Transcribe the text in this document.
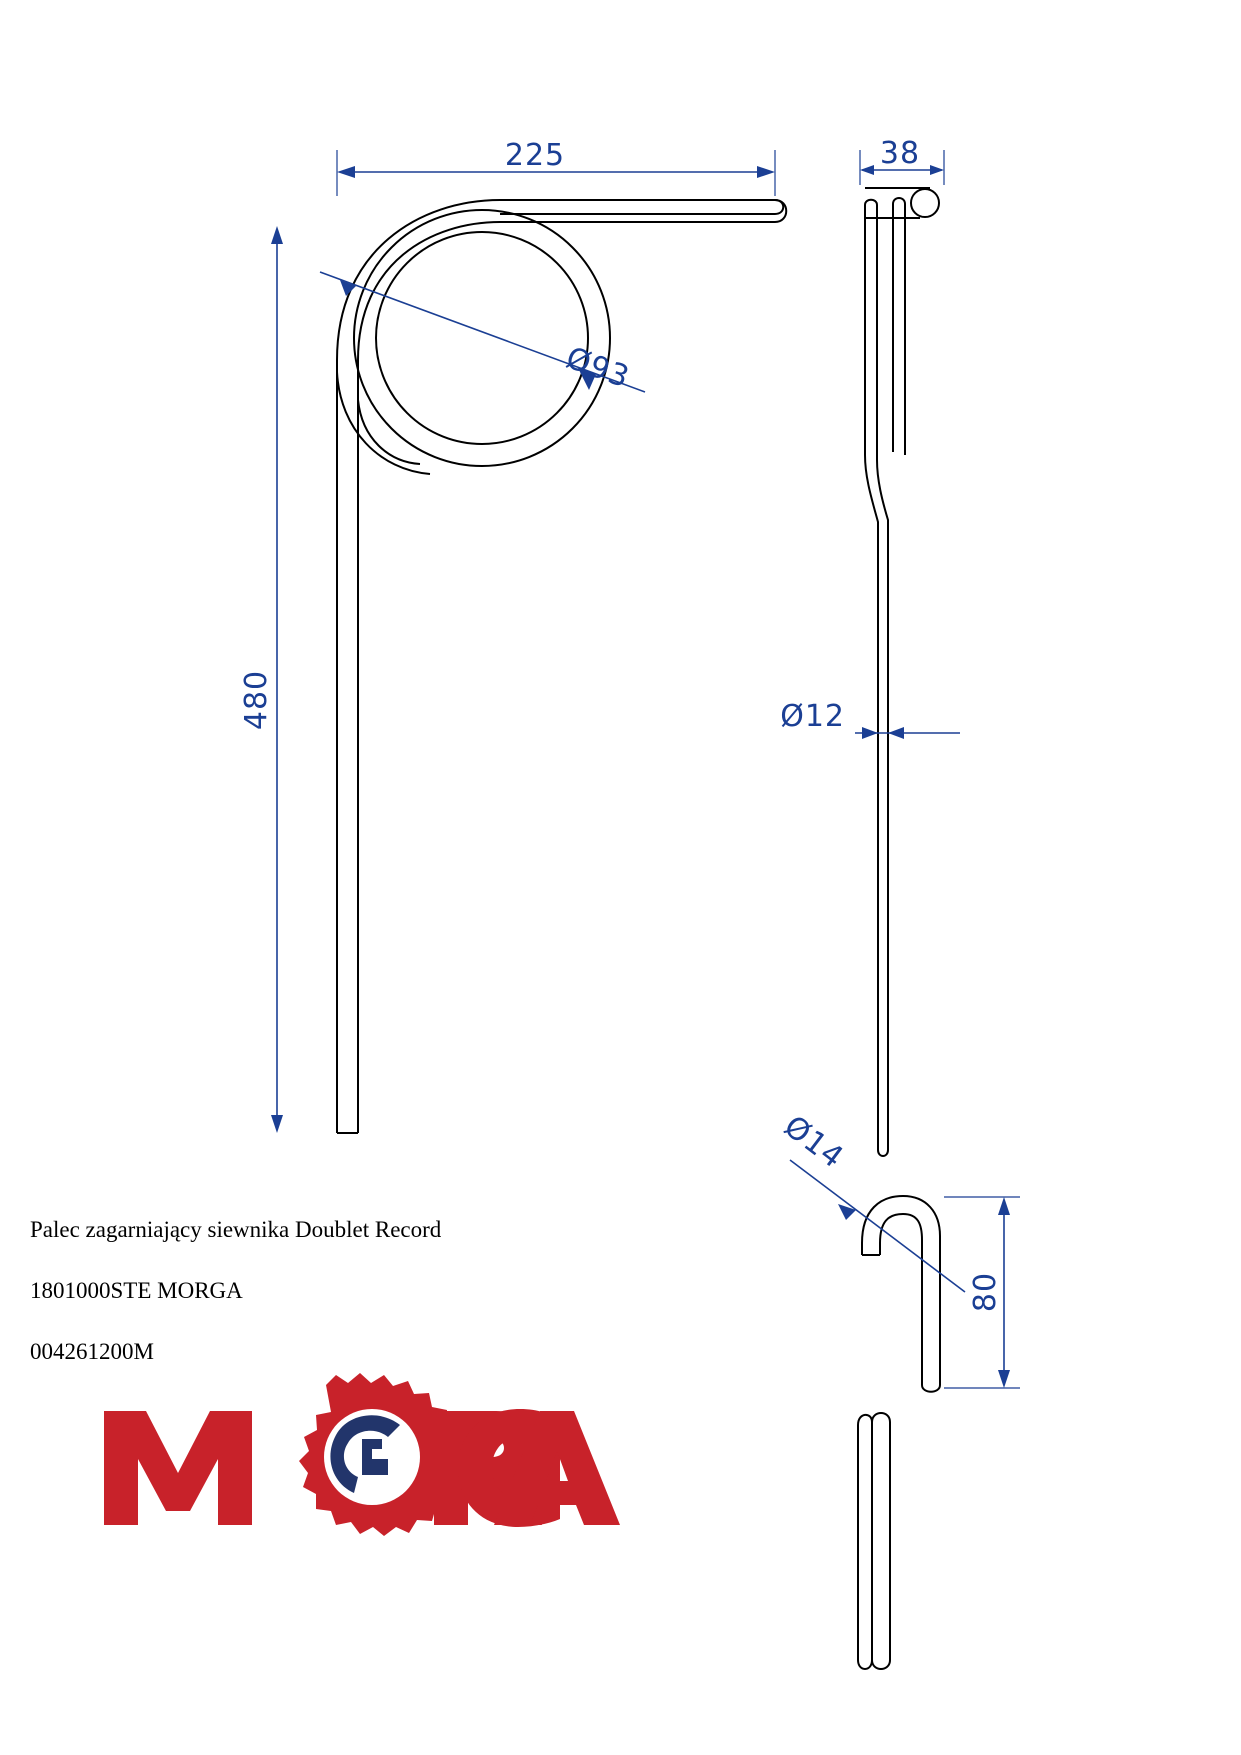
225
480
Ø93
38
Ø12
Ø14
80

Palec zagarniający siewnika Doublet Record

1801000STE MORGA

004261200M
